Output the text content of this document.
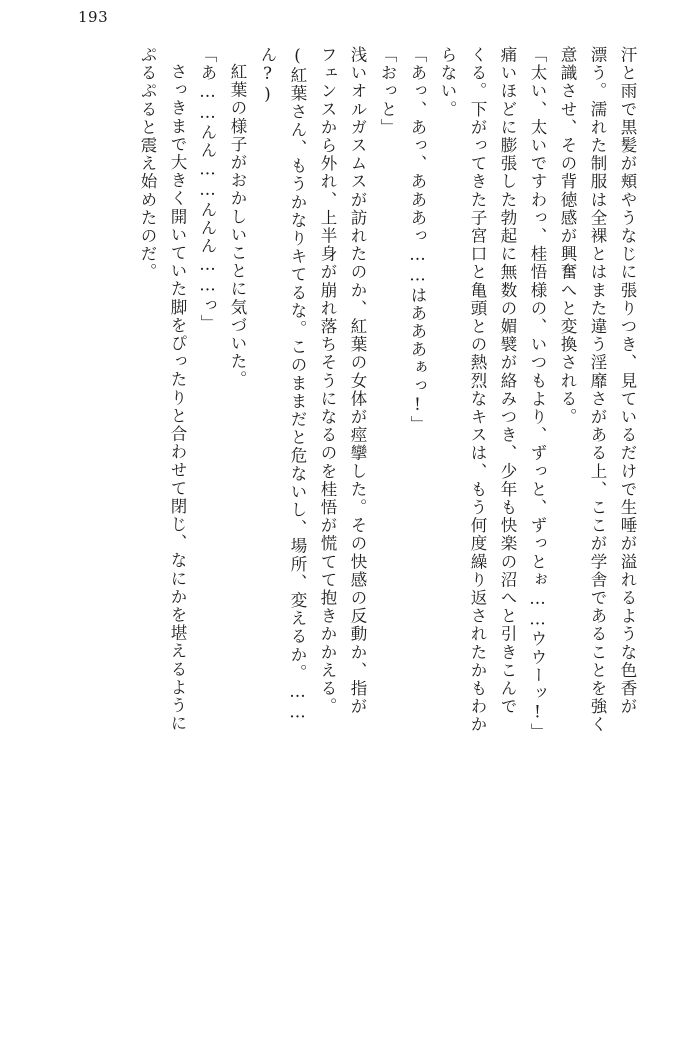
193
汗と雨で黒髪が頬やうなじに張りつき、見ているだけで生唾が溢れるような色香が
漂う。濡れた制服は全裸とはまた違う淫靡さがある上、ここが学舎であることを強く
意識させ、その背徳感が興奮へと変換される。
「太い、太いですわっ、桂悟様の、いつもより、ずっと、ずっとぉ……ウウーッ!」
痛いほどに膨張した勃起に無数の媚襞が絡みつき、少年も快楽の沼へと引きこんで
くる。下がってきた子宮口と亀頭との熱烈なキスは、もう何度繰り返されたかもわか
らない。
「あっ、あっ、あああっ……はあああぁっ!」
「おっと」
浅いオルガスムスが訪れたのか、紅葉の女体が痙攣した。その快感の反動か、指が
フェンスから外れ、上半身が崩れ落ちそうになるのを桂悟が慌てて抱きかかえる。
(紅葉さん、もうかなりキてるな。このままだと危ないし、場所、変えるか。……
ん?)
紅葉の様子がおかしいことに気づいた。
「あ……んん……んんん……っ」
さっきまで大きく開いていた脚をぴったりと合わせて閉じ、なにかを堪えるように
ぷるぷると震え始めたのだ。
